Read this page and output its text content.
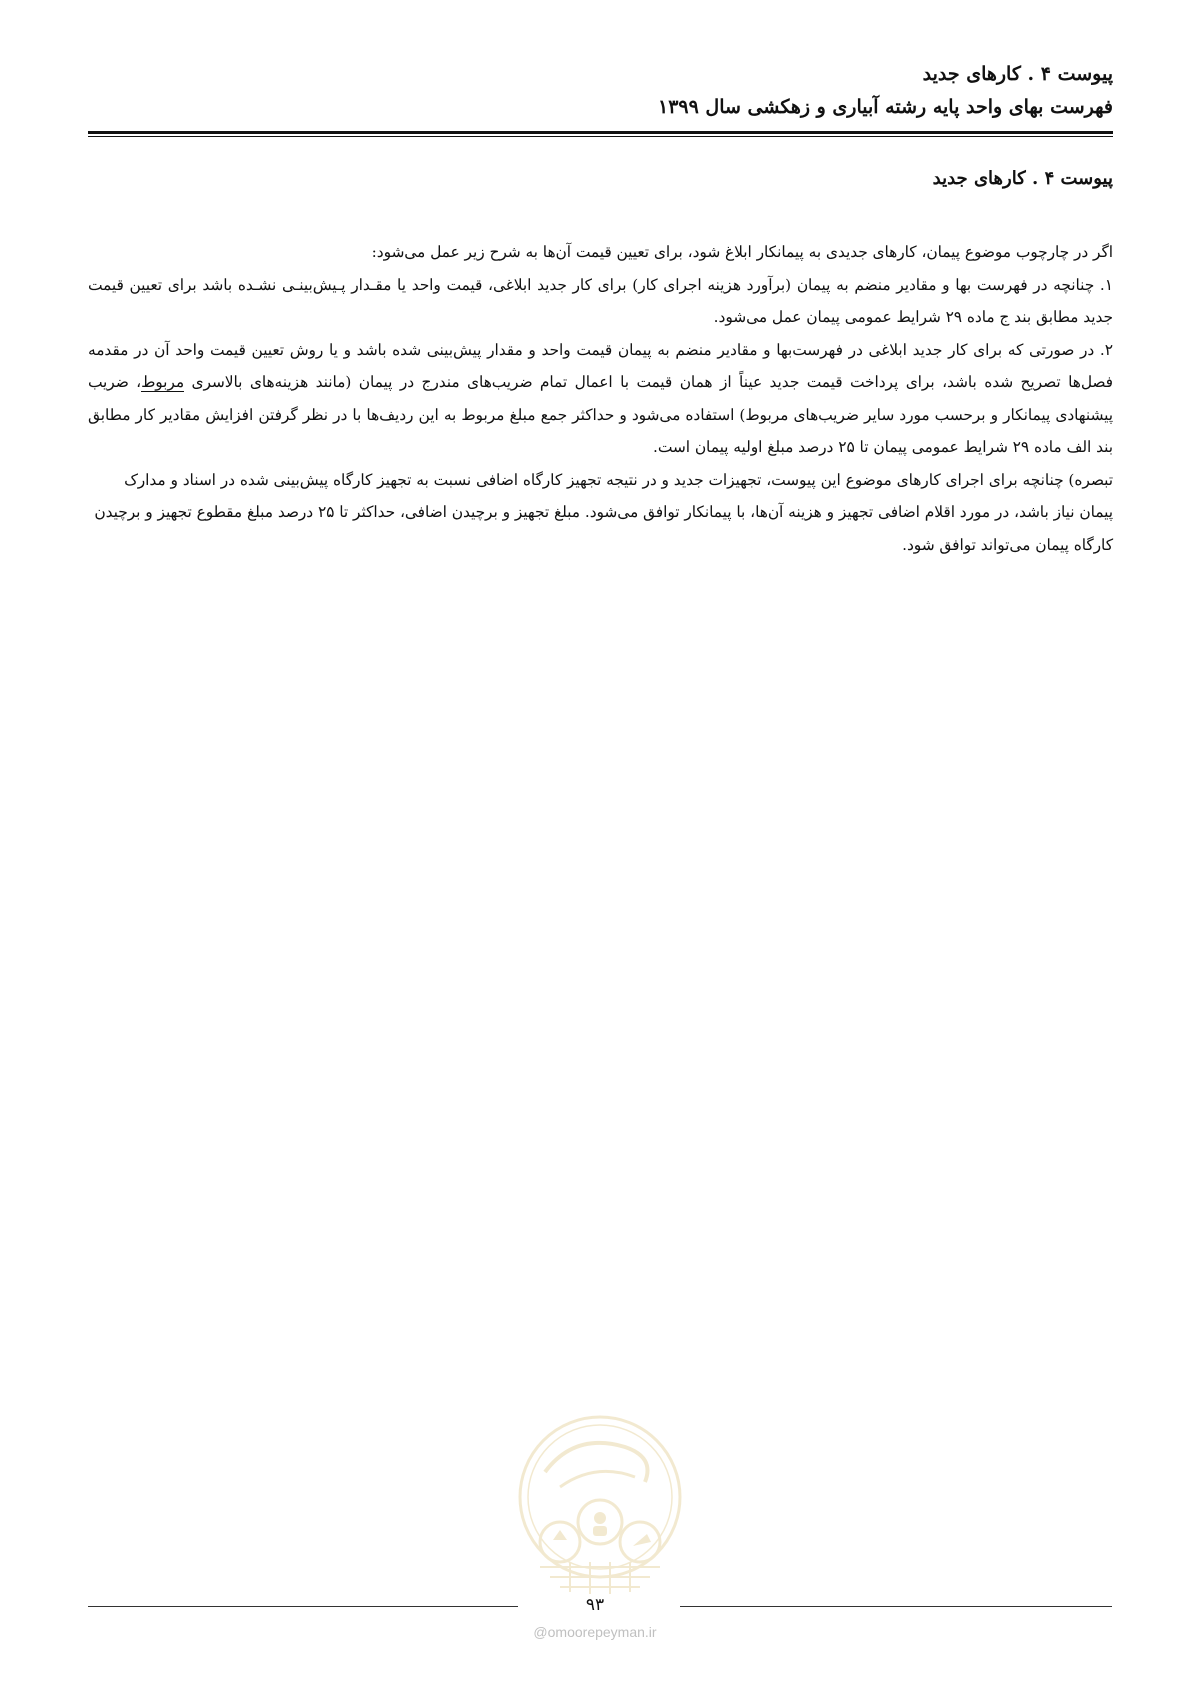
پیوست ۴ . کارهای جدید
فهرست بهای واحد پایه رشته آبیاری و زهکشی سال ۱۳۹۹
پیوست ۴ . کارهای جدید

اگر در چارچوب موضوع پیمان، کارهای جدیدی به پیمانکار ابلاغ شود، برای تعیین قیمت آن‌ها به شرح زیر عمل می‌شود:

۱. چنانچه در فهرست بها و مقادیر منضم به پیمان (برآورد هزینه اجرای کار) برای کار جدید ابلاغی، قیمت واحد یا مقـدار پـیش‌بینـی نشـده باشد برای تعیین قیمت جدید مطابق بند ج ماده ۲۹ شرایط عمومی پیمان عمل می‌شود.

۲. در صورتی که برای کار جدید ابلاغی در فهرست‌بها و مقادیر منضم به پیمان قیمت واحد و مقدار پیش‌بینی شده باشد و یا روش تعیین قیمت واحد آن در مقدمه فصل‌ها تصریح شده باشد، برای پرداخت قیمت جدید عیناً از همان قیمت با اعمال تمام ضریب‌های مندرج در پیمان (مانند هزینه‌های بالاسری مربوط، ضریب پیشنهادی پیمانکار و برحسب مورد سایر ضریب‌های مربوط) استفاده می‌شود و حداکثر جمع مبلغ مربوط به این ردیف‌ها با در نظر گرفتن افزایش مقادیر کار مطابق بند الف ماده ۲۹ شرایط عمومی پیمان تا ۲۵ درصد مبلغ اولیه پیمان است.

تبصره) چنانچه برای اجرای کارهای موضوع این پیوست، تجهیزات جدید و در نتیجه تجهیز کارگاه اضافی نسبت به تجهیز کارگاه پیش‌بینی شده در اسناد و مدارک پیمان نیاز باشد، در مورد اقلام اضافی تجهیز و هزینه آن‌ها، با پیمانکار توافق می‌شود. مبلغ تجهیز و برچیدن اضافی، حداکثر تا ۲۵ درصد مبلغ مقطوع تجهیز و برچیدن کارگاه پیمان می‌تواند توافق شود.

۹۳
@omoorepeyman.ir
